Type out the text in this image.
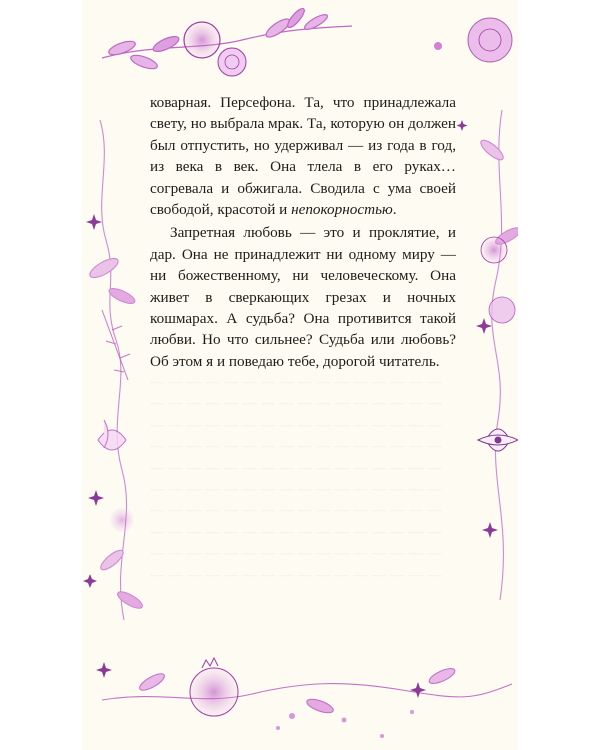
— — — — — — — — — — — — — — — —
— — — — — — — — — — — — — — — —
— — — — — — — — — — — — — — — —
— — — — — — — — — — — — — — — —
— — — — — — — — — — — — — — — —
— — — — — — — — — — — — — — — —
— — — — — — — — — — — — — — — —
— — — — — — — — — — — — — — — —
— — — — — — — — — — — — — — — —
— — — — — — — — — — — — — — — —

коварная. Персефона. Та, что принадлежала свету, но выбрала мрак. Та, которую он должен был отпустить, но удерживал — из года в год, из века в век. Она тлела в его руках… согревала и обжигала. Сводила с ума своей свободой, красотой и непокорностью.

Запретная любовь — это и проклятие, и дар. Она не принадлежит ни одному миру — ни божественному, ни человеческому. Она живет в сверкающих грезах и ночных кошмарах. А судьба? Она противится такой любви. Но что сильнее? Судьба или любовь? Об этом я и поведаю тебе, дорогой читатель.
